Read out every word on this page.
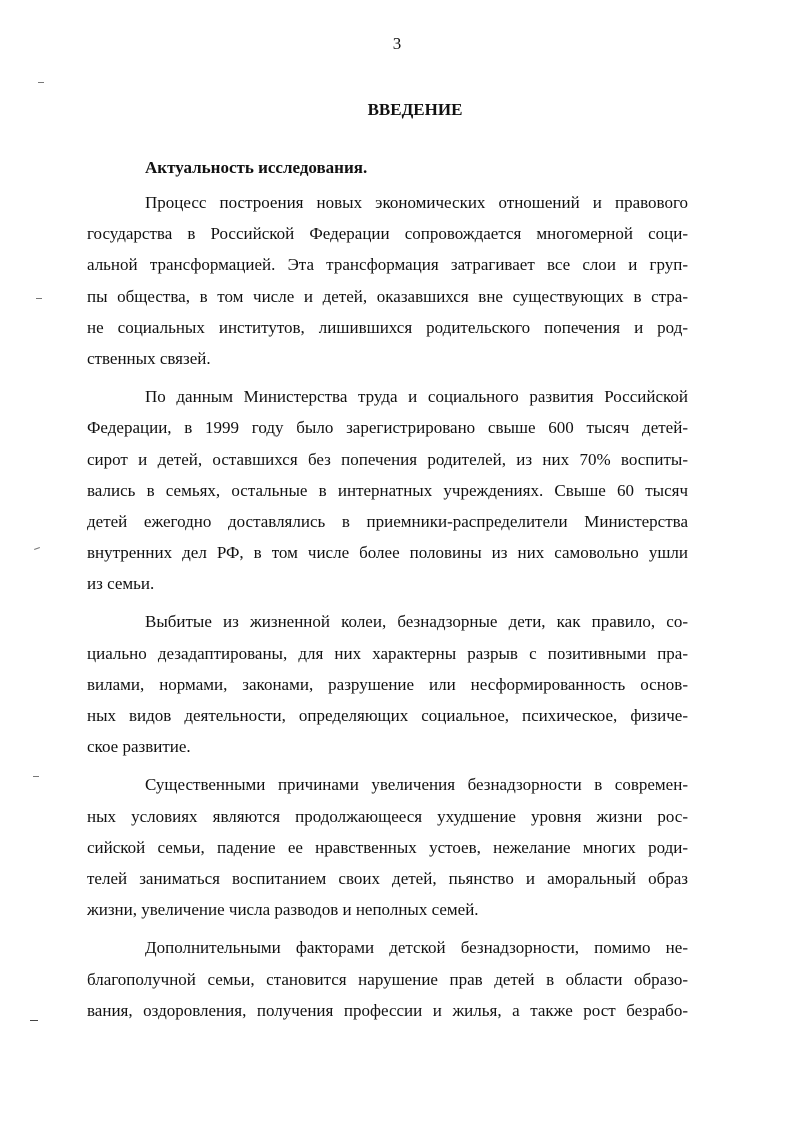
3
ВВЕДЕНИЕ
Актуальность исследования.
Процесс построения новых экономических отношений и правового
государства в Российской Федерации сопровождается многомерной соци-
альной трансформацией. Эта трансформация затрагивает все слои и груп-
пы общества, в том числе и детей, оказавшихся вне существующих в стра-
не социальных институтов, лишившихся родительского попечения и род-
ственных связей.
По данным Министерства труда и социального развития Российской
Федерации, в 1999 году было зарегистрировано свыше 600 тысяч детей-
сирот и детей, оставшихся без попечения родителей, из них 70% воспиты-
вались в семьях, остальные в интернатных учреждениях. Свыше 60 тысяч
детей ежегодно доставлялись в приемники-распределители Министерства
внутренних дел РФ, в том числе более половины из них самовольно ушли
из семьи.
Выбитые из жизненной колеи, безнадзорные дети, как правило, со-
циально дезадаптированы, для них характерны разрыв с позитивными пра-
вилами, нормами, законами, разрушение или несформированность основ-
ных видов деятельности, определяющих социальное, психическое, физиче-
ское развитие.
Существенными причинами увеличения безнадзорности в современ-
ных условиях являются продолжающееся ухудшение уровня жизни рос-
сийской семьи, падение ее нравственных устоев, нежелание многих роди-
телей заниматься воспитанием своих детей, пьянство и аморальный образ
жизни, увеличение числа разводов и неполных семей.
Дополнительными факторами детской безнадзорности, помимо не-
благополучной семьи, становится нарушение прав детей в области образо-
вания, оздоровления, получения профессии и жилья, а также рост безрабо-
